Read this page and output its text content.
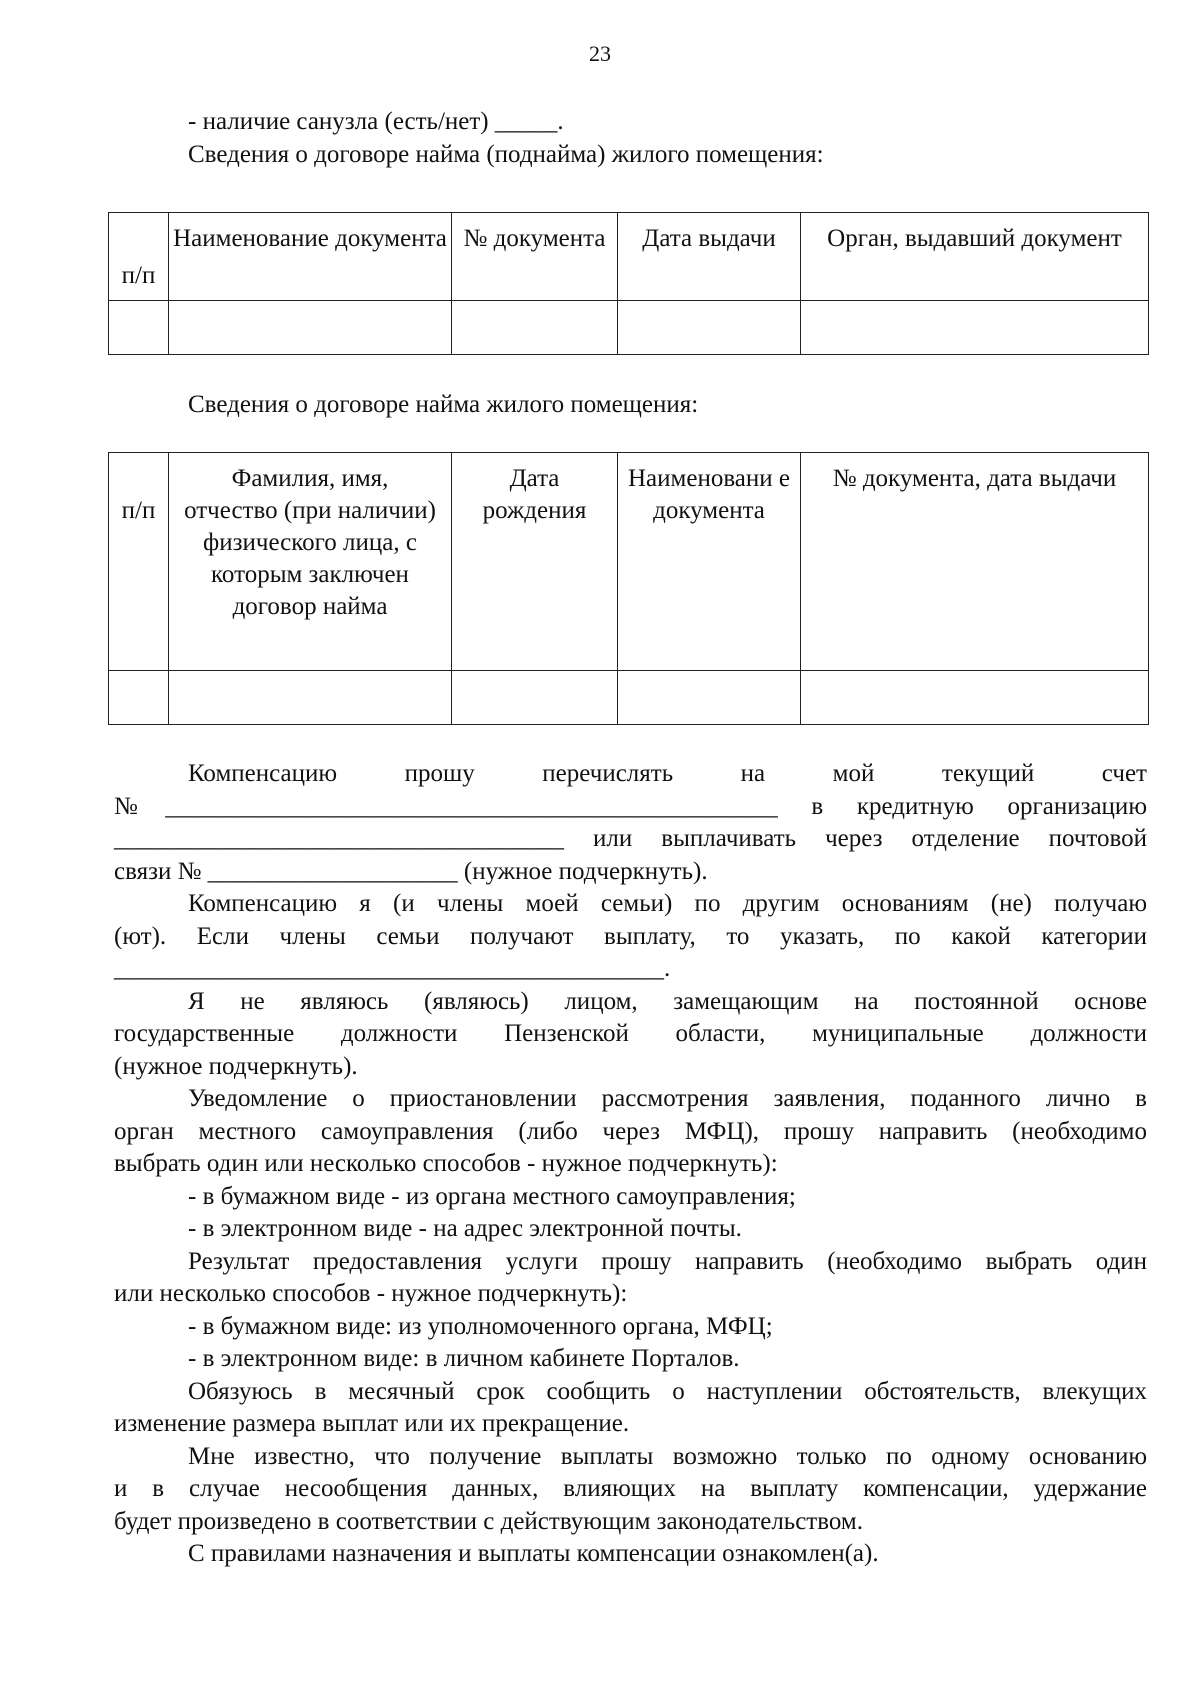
23
- наличие санузла (есть/нет) _____.
Сведения о договоре найма (поднайма) жилого помещения:
п/п	Наименование документа	№ документа	Дата выдачи	Орган, выдавший документ

Сведения о договоре найма жилого помещения:
п/п	Фамилия, имя, отчество (при наличии) физического лица, с которым заключен договор найма	Дата рождения	Наименовани е документа	№ документа, дата выдачи

Компенсацию прошу перечислять на мой текущий счет
№_________________________________________________ в кредитную организацию
____________________________________ или выплачивать через отделение почтовой
связи № ____________________ (нужное подчеркнуть).
Компенсацию я (и члены моей семьи) по другим основаниям (не) получаю
(ют). Если члены семьи получают выплату, то указать, по какой категории
____________________________________________.
Я не являюсь (являюсь) лицом, замещающим на постоянной основе
государственные должности Пензенской области, муниципальные должности
(нужное подчеркнуть).
Уведомление о приостановлении рассмотрения заявления, поданного лично в
орган местного самоуправления (либо через МФЦ), прошу направить (необходимо
выбрать один или несколько способов - нужное подчеркнуть):
- в бумажном виде - из органа местного самоуправления;
- в электронном виде - на адрес электронной почты.
Результат предоставления услуги прошу направить (необходимо выбрать один
или несколько способов - нужное подчеркнуть):
- в бумажном виде: из уполномоченного органа, МФЦ;
- в электронном виде: в личном кабинете Порталов.
Обязуюсь в месячный срок сообщить о наступлении обстоятельств, влекущих
изменение размера выплат или их прекращение.
Мне известно, что получение выплаты возможно только по одному основанию
и в случае несообщения данных, влияющих на выплату компенсации, удержание
будет произведено в соответствии с действующим законодательством.
С правилами назначения и выплаты компенсации ознакомлен(а).
